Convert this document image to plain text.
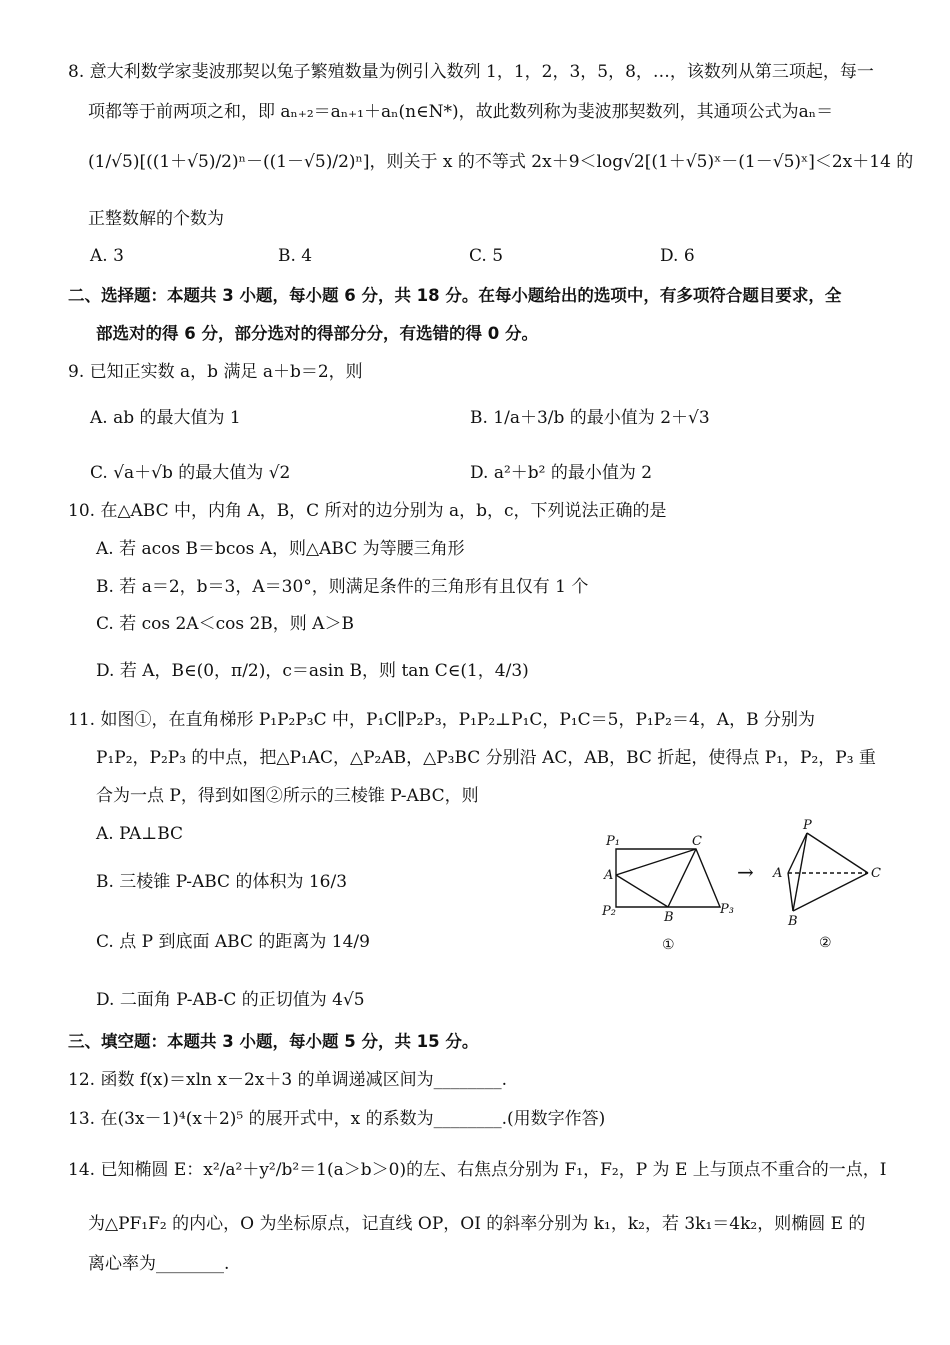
8. 意大利数学家斐波那契以兔子繁殖数量为例引入数列 1，1，2，3，5，8，…，该数列从第三项起，每一
项都等于前两项之和，即 aₙ₊₂＝aₙ₊₁＋aₙ(n∈N*)，故此数列称为斐波那契数列，其通项公式为aₙ＝
(1/√5)[((1＋√5)/2)ⁿ－((1－√5)/2)ⁿ]，则关于 x 的不等式 2x＋9＜log√2[(1＋√5)ˣ－(1－√5)ˣ]＜2x＋14 的
正整数解的个数为
A. 3	B. 4	C. 5	D. 6
二、选择题：本题共 3 小题，每小题 6 分，共 18 分。在每小题给出的选项中，有多项符合题目要求，全
部选对的得 6 分，部分选对的得部分分，有选错的得 0 分。
9. 已知正实数 a，b 满足 a＋b＝2，则
A. ab 的最大值为 1	B. 1/a＋3/b 的最小值为 2＋√3
C. √a＋√b 的最大值为 √2	D. a²＋b² 的最小值为 2
10. 在△ABC 中，内角 A，B，C 所对的边分别为 a，b，c，下列说法正确的是
A. 若 acos B＝bcos A，则△ABC 为等腰三角形
B. 若 a＝2，b＝3，A＝30°，则满足条件的三角形有且仅有 1 个
C. 若 cos 2A＜cos 2B，则 A＞B
D. 若 A，B∈(0，π/2)，c＝asin B，则 tan C∈(1，4/3)
11. 如图①，在直角梯形 P₁P₂P₃C 中，P₁C∥P₂P₃，P₁P₂⊥P₁C，P₁C＝5，P₁P₂＝4，A，B 分别为
P₁P₂，P₂P₃ 的中点，把△P₁AC，△P₂AB，△P₃BC 分别沿 AC，AB，BC 折起，使得点 P₁，P₂，P₃ 重
合为一点 P，得到如图②所示的三棱锥 P-ABC，则
A. PA⊥BC
B. 三棱锥 P-ABC 的体积为 16/3
C. 点 P 到底面 ABC 的距离为 14/9
D. 二面角 P-AB-C 的正切值为 4√5
P₁	C
A
P₂	B
P₃
①
→
P
A	C
B
②
三、填空题：本题共 3 小题，每小题 5 分，共 15 分。
12. 函数 f(x)＝xln x－2x＋3 的单调递减区间为________.
13. 在(3x－1)⁴(x＋2)⁵ 的展开式中，x 的系数为________.(用数字作答)
14. 已知椭圆 E：x²/a²＋y²/b²＝1(a＞b＞0)的左、右焦点分别为 F₁，F₂，P 为 E 上与顶点不重合的一点，I
为△PF₁F₂ 的内心，O 为坐标原点，记直线 OP，OI 的斜率分别为 k₁，k₂，若 3k₁＝4k₂，则椭圆 E 的
离心率为________.
